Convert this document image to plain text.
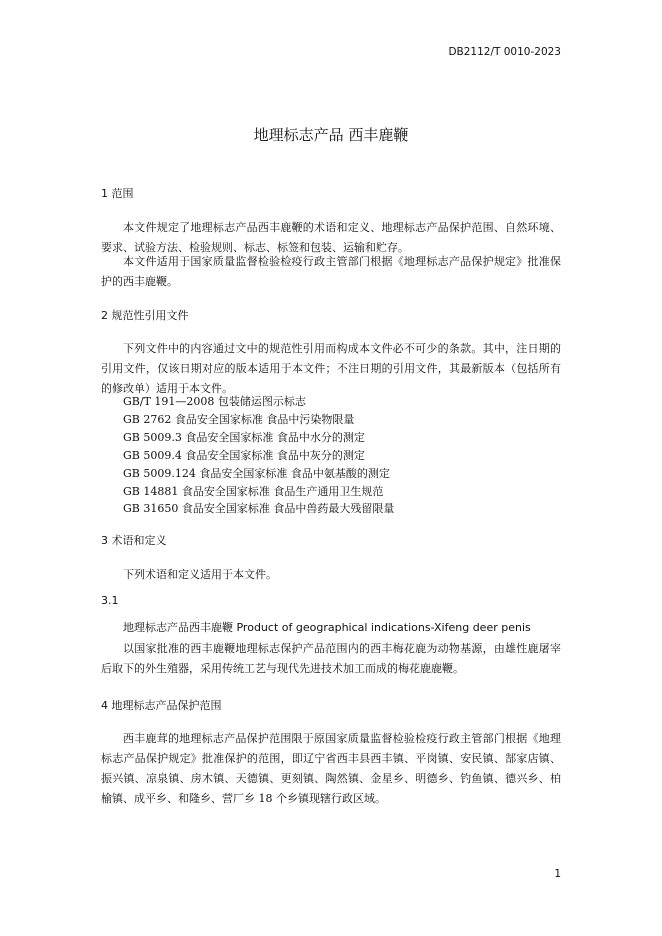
DB2112/T 0010-2023
地理标志产品 西丰鹿鞭
1 范围
本文件规定了地理标志产品西丰鹿鞭的术语和定义、地理标志产品保护范围、自然环境、要求、试验方法、检验规则、标志、标签和包装、运输和贮存。
本文件适用于国家质量监督检验检疫行政主管部门根据《地理标志产品保护规定》批准保护的西丰鹿鞭。
2 规范性引用文件
下列文件中的内容通过文中的规范性引用而构成本文件必不可少的条款。其中，注日期的引用文件，仅该日期对应的版本适用于本文件；不注日期的引用文件，其最新版本（包括所有的修改单）适用于本文件。
GB/T 191—2008 包装储运图示标志
GB 2762 食品安全国家标准 食品中污染物限量
GB 5009.3 食品安全国家标准 食品中水分的测定
GB 5009.4 食品安全国家标准 食品中灰分的测定
GB 5009.124 食品安全国家标准 食品中氨基酸的测定
GB 14881 食品安全国家标准 食品生产通用卫生规范
GB 31650 食品安全国家标准 食品中兽药最大残留限量
3 术语和定义
下列术语和定义适用于本文件。
3.1
地理标志产品西丰鹿鞭 Product of geographical indications-Xifeng deer penis
以国家批准的西丰鹿鞭地理标志保护产品范围内的西丰梅花鹿为动物基源，由雄性鹿屠宰后取下的外生殖器，采用传统工艺与现代先进技术加工而成的梅花鹿鹿鞭。
4 地理标志产品保护范围
西丰鹿茸的地理标志产品保护范围限于原国家质量监督检验检疫行政主管部门根据《地理标志产品保护规定》批准保护的范围，即辽宁省西丰县西丰镇、平岗镇、安民镇、郜家店镇、振兴镇、凉泉镇、房木镇、天德镇、更刻镇、陶然镇、金星乡、明德乡、钓鱼镇、德兴乡、柏榆镇、成平乡、和隆乡、营厂乡 18 个乡镇现辖行政区域。
1
